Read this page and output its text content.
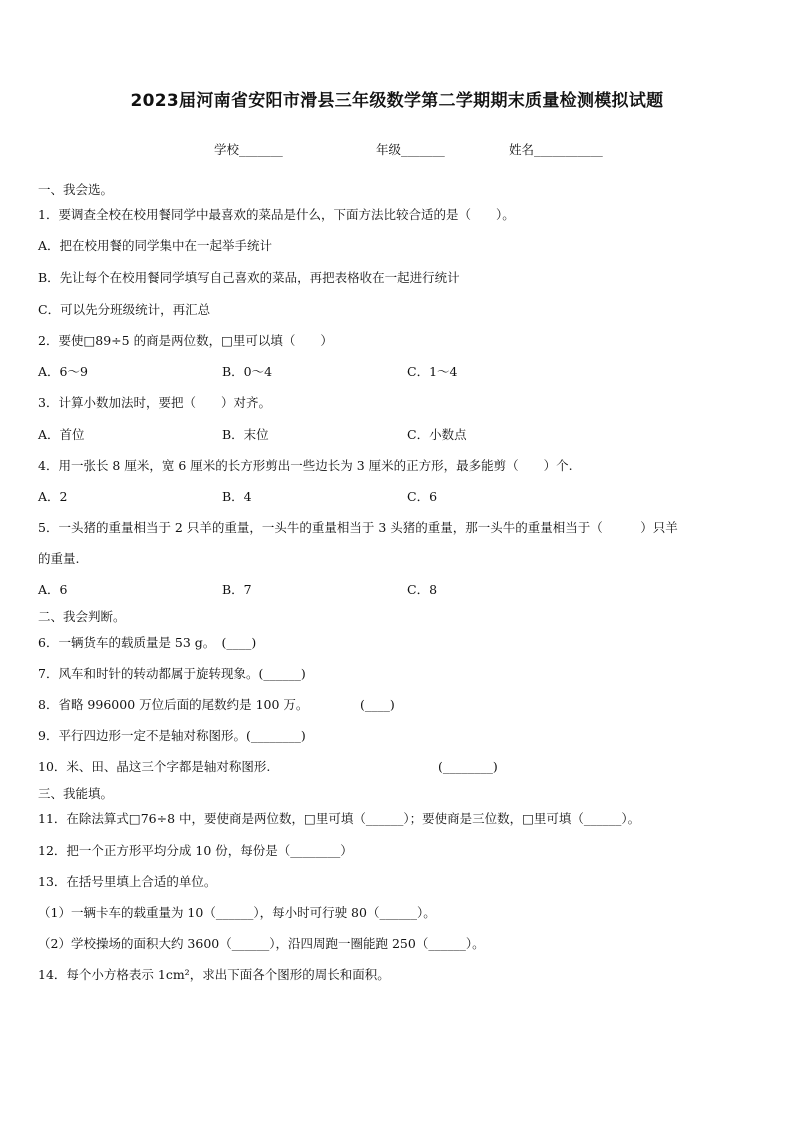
2023届河南省安阳市滑县三年级数学第二学期期末质量检测模拟试题
学校_______	年级_______	姓名___________
一、我会选。
1．要调查全校在校用餐同学中最喜欢的菜品是什么，下面方法比较合适的是（　　）。
A．把在校用餐的同学集中在一起举手统计
B．先让每个在校用餐同学填写自己喜欢的菜品，再把表格收在一起进行统计
C．可以先分班级统计，再汇总
2．要使□89÷5 的商是两位数，□里可以填（　　）
A．6～9	B．0～4	C．1～4
3．计算小数加法时，要把（　　）对齐。
A．首位	B．末位	C．小数点
4．用一张长 8 厘米，宽 6 厘米的长方形剪出一些边长为 3 厘米的正方形，最多能剪（　　）个.
A．2	B．4	C．6
5．一头猪的重量相当于 2 只羊的重量，一头牛的重量相当于 3 头猪的重量，那一头牛的重量相当于（　　　）只羊
的重量.
A．6	B．7	C．8
二、我会判断。
6．一辆货车的载质量是 53 g。　(____)
7．风车和时针的转动都属于旋转现象。(______)
8．省略 996000 万位后面的尾数约是 100 万。	(____)
9．平行四边形一定不是轴对称图形。(________)
10．米、田、晶这三个字都是轴对称图形.	(________)
三、我能填。
11．在除法算式□76÷8 中，要使商是两位数，□里可填（______）；要使商是三位数，□里可填（______）。
12．把一个正方形平均分成 10 份，每份是（________）
13．在括号里填上合适的单位。
（1）一辆卡车的载重量为 10（______），每小时可行驶 80（______）。
（2）学校操场的面积大约 3600（______），沿四周跑一圈能跑 250（______）。
14．每个小方格表示 1cm²，求出下面各个图形的周长和面积。
